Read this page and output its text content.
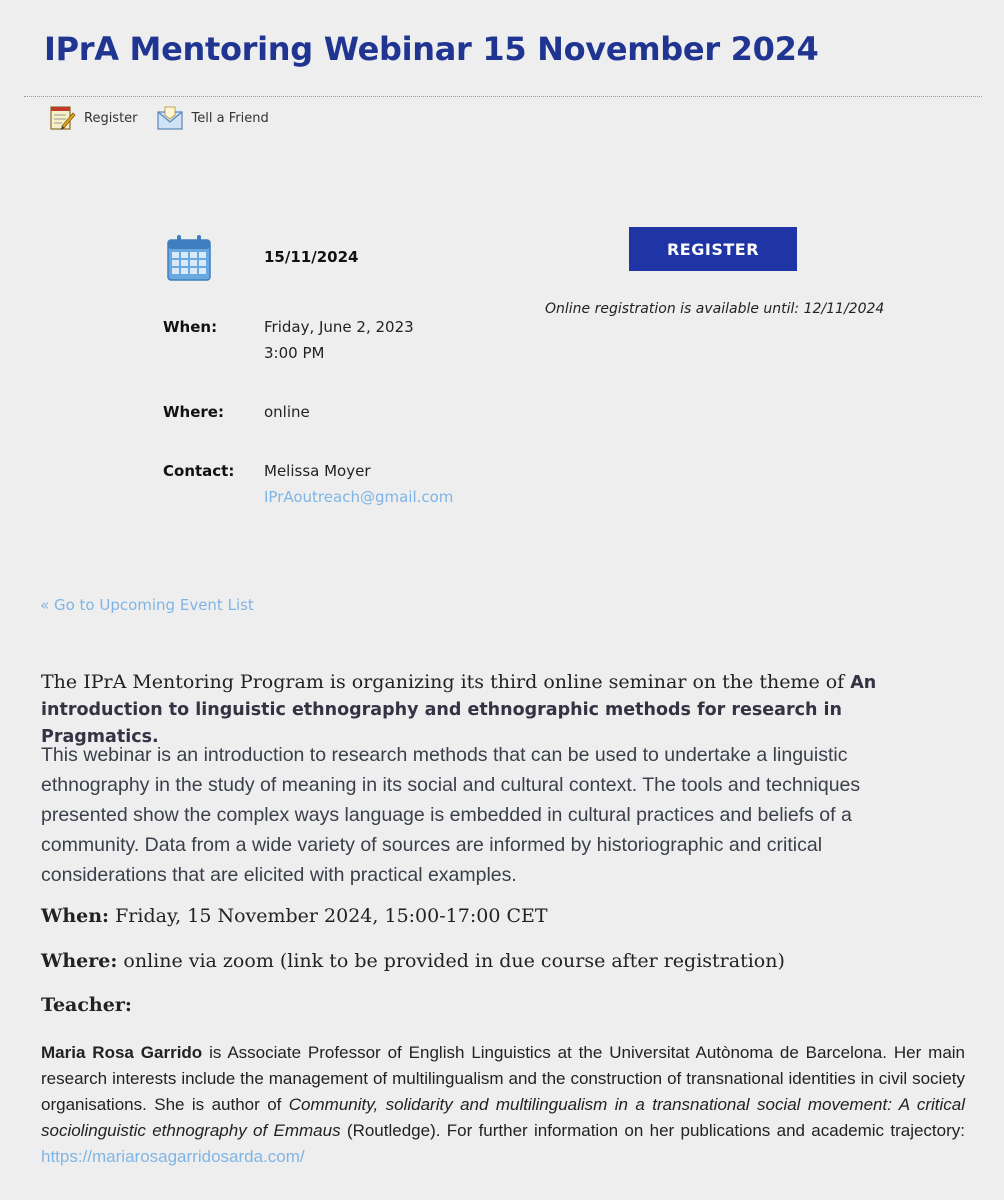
IPrA Mentoring Webinar 15 November 2024
Register	Tell a Friend
15/11/2024
When:	Friday, June 2, 2023
3:00 PM
Where:	online
Contact: Melissa Moyer
IPrAoutreach@gmail.com
REGISTER
Online registration is available until: 12/11/2024
« Go to Upcoming Event List
The IPrA Mentoring Program is organizing its third online seminar on the theme of An introduction to linguistic ethnography and ethnographic methods for research in Pragmatics.
This webinar is an introduction to research methods that can be used to undertake a linguistic ethnography in the study of meaning in its social and cultural context. The tools and techniques presented show the complex ways language is embedded in cultural practices and beliefs of a community. Data from a wide variety of sources are informed by historiographic and critical considerations that are elicited with practical examples.
When: Friday, 15 November 2024, 15:00-17:00 CET
Where: online via zoom (link to be provided in due course after registration)
Teacher:
Maria Rosa Garrido is Associate Professor of English Linguistics at the Universitat Autònoma de Barcelona. Her main research interests include the management of multilingualism and the construction of transnational identities in civil society organisations. She is author of Community, solidarity and multilingualism in a transnational social movement: A critical sociolinguistic ethnography of Emmaus (Routledge). For further information on her publications and academic trajectory: https://mariarosagarridosarda.com/
